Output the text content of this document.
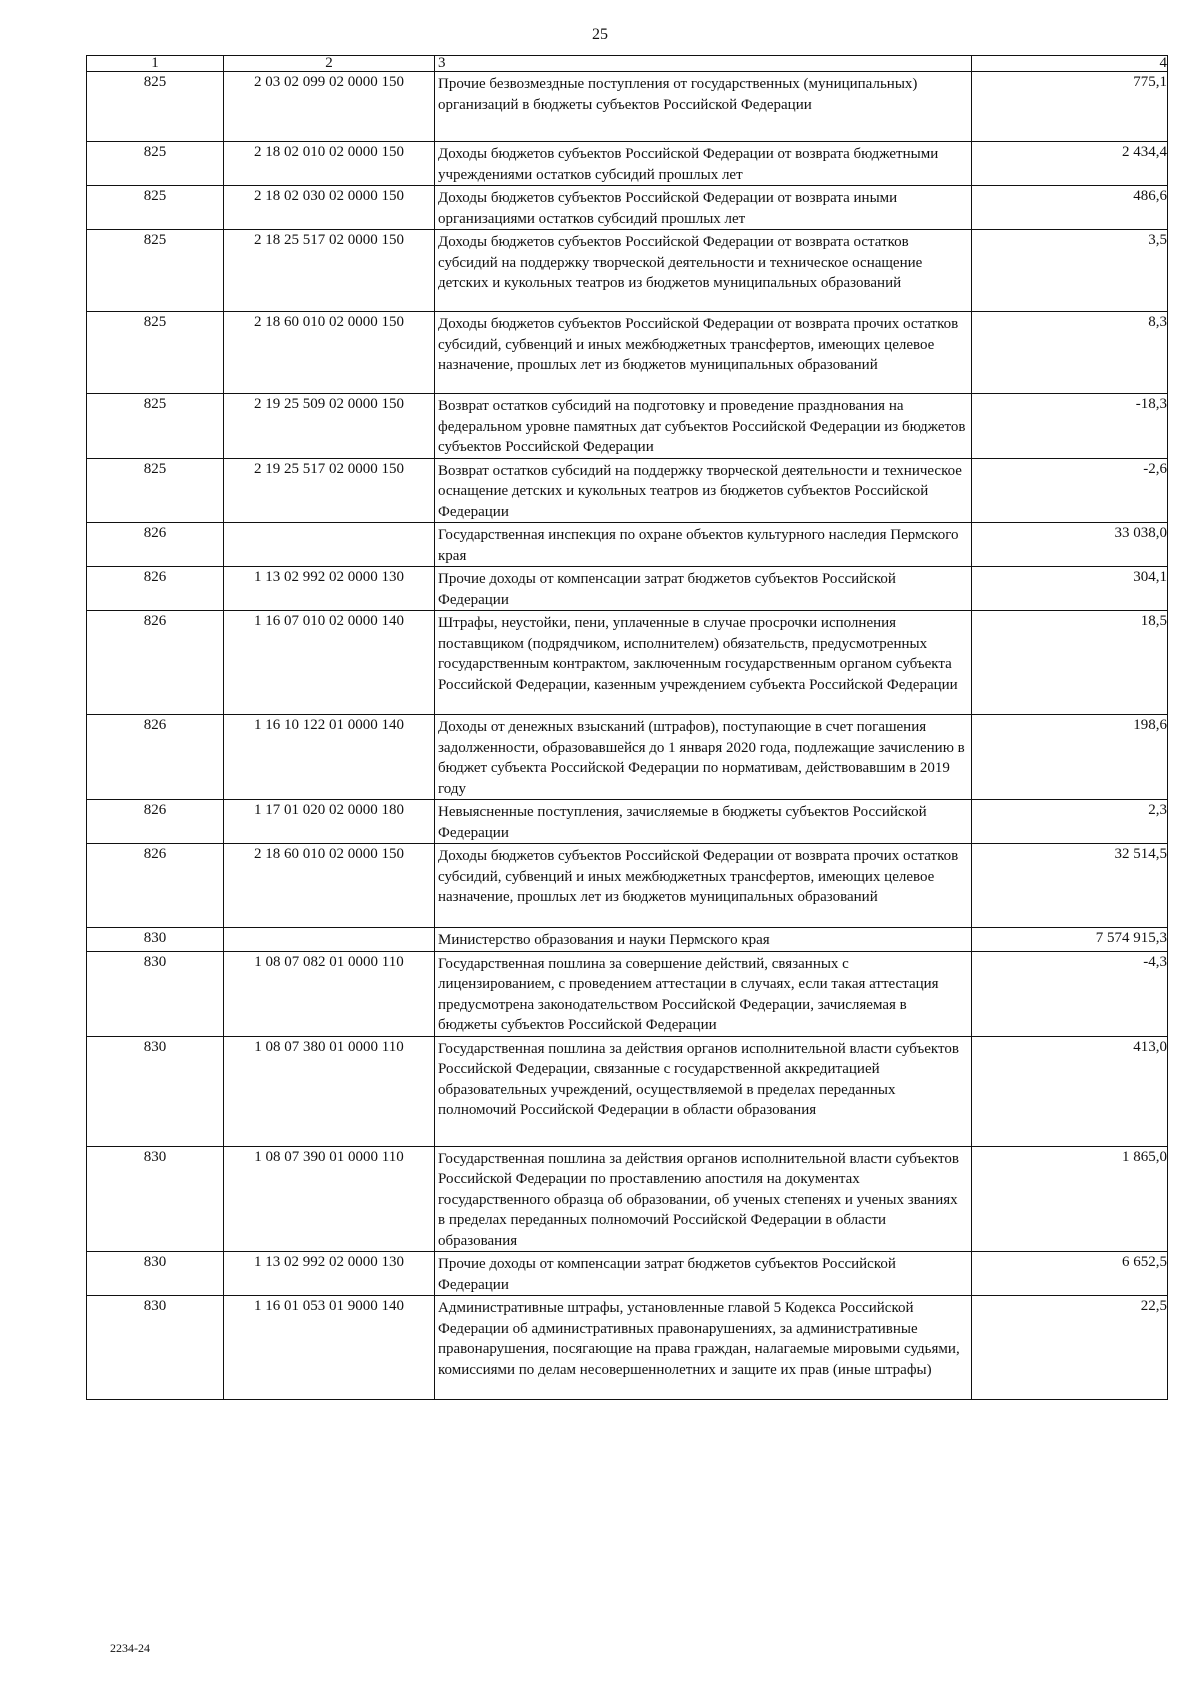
25
1	2	3	4
825	2 03 02 099 02 0000 150	Прочие безвозмездные поступления от государственных (муниципальных) организаций в бюджеты субъектов Российской Федерации	775,1
825	2 18 02 010 02 0000 150	Доходы бюджетов субъектов Российской Федерации от возврата бюджетными учреждениями остатков субсидий прошлых лет	2 434,4
825	2 18 02 030 02 0000 150	Доходы бюджетов субъектов Российской Федерации от возврата иными организациями остатков субсидий прошлых лет	486,6
825	2 18 25 517 02 0000 150	Доходы бюджетов субъектов Российской Федерации от возврата остатков субсидий на поддержку творческой деятельности и техническое оснащение детских и кукольных театров из бюджетов муниципальных образований	3,5
825	2 18 60 010 02 0000 150	Доходы бюджетов субъектов Российской Федерации от возврата прочих остатков субсидий, субвенций и иных межбюджетных трансфертов, имеющих целевое назначение, прошлых лет из бюджетов муниципальных образований	8,3
825	2 19 25 509 02 0000 150	Возврат остатков субсидий на подготовку и проведение празднования на федеральном уровне памятных дат субъектов Российской Федерации из бюджетов субъектов Российской Федерации	-18,3
825	2 19 25 517 02 0000 150	Возврат остатков субсидий на поддержку творческой деятельности и техническое оснащение детских и кукольных театров из бюджетов субъектов Российской Федерации	-2,6
826		Государственная инспекция по охране объектов культурного наследия Пермского края	33 038,0
826	1 13 02 992 02 0000 130	Прочие доходы от компенсации затрат бюджетов субъектов Российской Федерации	304,1
826	1 16 07 010 02 0000 140	Штрафы, неустойки, пени, уплаченные в случае просрочки исполнения поставщиком (подрядчиком, исполнителем) обязательств, предусмотренных государственным контрактом, заключенным государственным органом субъекта Российской Федерации, казенным учреждением субъекта Российской Федерации	18,5
826	1 16 10 122 01 0000 140	Доходы от денежных взысканий (штрафов), поступающие в счет погашения задолженности, образовавшейся до 1 января 2020 года, подлежащие зачислению в бюджет субъекта Российской Федерации по нормативам, действовавшим в 2019 году	198,6
826	1 17 01 020 02 0000 180	Невыясненные поступления, зачисляемые в бюджеты субъектов Российской Федерации	2,3
826	2 18 60 010 02 0000 150	Доходы бюджетов субъектов Российской Федерации от возврата прочих остатков субсидий, субвенций и иных межбюджетных трансфертов, имеющих целевое назначение, прошлых лет из бюджетов муниципальных образований	32 514,5
830		Министерство образования и науки Пермского края	7 574 915,3
830	1 08 07 082 01 0000 110	Государственная пошлина за совершение действий, связанных с лицензированием, с проведением аттестации в случаях, если такая аттестация предусмотрена законодательством Российской Федерации, зачисляемая в бюджеты субъектов Российской Федерации	-4,3
830	1 08 07 380 01 0000 110	Государственная пошлина за действия органов исполнительной власти субъектов Российской Федерации, связанные с государственной аккредитацией образовательных учреждений, осуществляемой в пределах переданных полномочий Российской Федерации в области образования	413,0
830	1 08 07 390 01 0000 110	Государственная пошлина за действия органов исполнительной власти субъектов Российской Федерации по проставлению апостиля на документах государственного образца об образовании, об ученых степенях и ученых званиях в пределах переданных полномочий Российской Федерации в области образования	1 865,0
830	1 13 02 992 02 0000 130	Прочие доходы от компенсации затрат бюджетов субъектов Российской Федерации	6 652,5
830	1 16 01 053 01 9000 140	Административные штрафы, установленные главой 5 Кодекса Российской Федерации об административных правонарушениях, за административные правонарушения, посягающие на права граждан, налагаемые мировыми судьями, комиссиями по делам несовершеннолетних и защите их прав (иные штрафы)	22,5
2234-24
